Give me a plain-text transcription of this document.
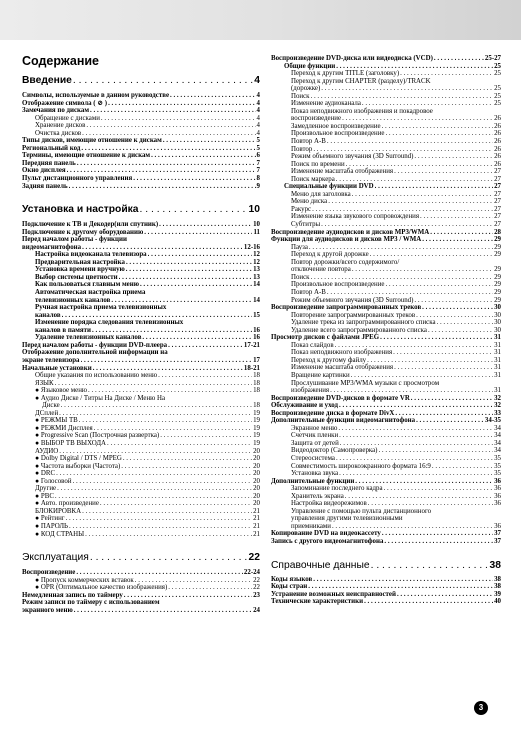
Содержание
Введение . .	4
Символы, используемые в данном руководстве . . .	4
Отображение символа ( ⊘ ) . . .	4
Замечания по дискам . . .	4
Обращение с дисками . . .	4
Хранение дисков . . .	4
Очистка дисков . . .	4
Типы дисков, имеющие отношение к дискам . . .	5
Региональный код . . .	5
Термины, имеющие отношение к дискам . . .	6
Передняя панель . . .	7
Окно дисплея . . .	7
Пульт дистанционного управления . . .	8
Задняя панель . . .	9
Установка и настройка . .	10
Подключение к ТВ и Декодер(или спутник) . . .	10
Подключение к другому оборудованию . . .	11
Перед началом работы - функции
видеомагнитофона . . .	12-16
Настройка видеоканала телевизора . . .	12
Предварительная настройка . . .	12
Установка времени вручную . . .	13
Выбор системы цветности . . .	13
Как пользоваться главным меню . . .	14
Автоматическая настройка приема
телевизионных каналов . . .	14
Ручная настройка приема телевизионных
каналов . . .	15
Изменение порядка следования телевизионных
каналов в памяти . . .	16
Удаление телевизионных каналов . . .	16
Перед началом работы - функции DVD-плеера . . .	17-21
Отображение дополнительной информации на
экране телевизора . . .	17
Начальные установки . . .	18-21
Общие указания по использованию меню . . .	18
ЯЗЫК . . .	18
● Языковое меню . . .	18
● Аудио Диске / Титры На Диске / Меню На
Диске . . .	18
ДСплей . . .	19
● РЕЖМЫ ТВ . . .	19
● РЕЖМИ Дисплея . . .	19
● Progressive Scan (Построчная развертка) . . .	19
● ВЫБОР ТВ ВЫХОДА . . .	19
АУДИО . . .	20
● Dolby Digital / DTS / MPEG . . .	20
● Частота выборки (Частота) . . .	20
● DRC . . .	20
● Голосовой . . .	20
Другие . . .	20
● PBC . . .	20
● Авто. произведение . . .	20
БЛОКИРОВКА . . .	21
● Рейтинг . . .	21
● ПАРОЛЬ . . .	21
● КОД СТРАНЫ . . .	21
Эксплуатация . .	22
Воспроизведение . . .	22-24
● Пропуск коммерческих вставок . . .	22
● OPR (Оптимальное качество изображения) . . .	22
Немедленная запись по таймеру . . .	23
Режим записи по таймеру с использованием
экранного меню . . .	24
Воспроизведение DVD-диска или видеодиска (VCD) . . .	25-27
Общие функции . . .	25
Переход к другим TITLE (заголовку) . . .	25
Переход к другим CHAPTER (разделу)/TRACK
(дорожке) . . .	25
Поиск . . .	25
Изменение аудиоканала . . .	25
Показ неподвижного изображения и покадровое
воспроизведение . . .	26
Замедленное воспроизведение . . .	26
Произвольное воспроизведение . . .	26
Повтор A-B . . .	26
Повтор . . .	26
Режим объемного звучания (3D Surround) . . .	26
Поиск по времени . . .	26
Изменение масштаба отображения . . .	27
Поиск маркера . . .	27
Специальные функции DVD . . .	27
Меню для заголовка . . .	27
Меню диска . . .	27
Ракурс . . .	27
Изменение языка звукового сопровождения . . .	27
Субтитры . . .	27
Воспроизведение аудиодисков и дисков MP3/WMA . . .	28
Функции для аудиодисков и дисков MP3 / WMA . . .	29
Пауза . . .	29
Переход к другой дорожке . . .	29
Повтор дорожки/всего содержимого/
отключение повтора . . .	29
Поиск . . .	29
Произвольное воспроизведение . . .	29
Повтор A-B . . .	29
Режим объемного звучания (3D Surround) . . .	29
Воспроизведение запрограммированных треков . . .	30
Повторение запрограммированных треков . . .	30
Удаление трека из запрограммированного списка . . .	30
Удаление всего запрограммированного списка . . .	30
Просмотр дисков с файлами JPEG . . .	31
Показ слайдов . . .	31
Показ неподвижного изображения . . .	31
Переход к другому файлу . . .	31
Изменение масштаба отображения . . .	31
Вращение картинки . . .	31
Прослушивание MP3/WMA музыки с просмотром
изображения . . .	31
Воспроизведение DVD-дисков в формате VR . . .	32
Обслуживание и уход . . .	32
Воспроизведение диска в формате DivX . . .	33
Дополнительные функции видеомагнитофона . . .	34-35
Экранное меню . . .	34
Счетчик пленки . . .	34
Защита от детей . . .	34
Видеодоктор (Самопроверка) . . .	34
Стереосистема . . .	35
Совместимость широкоэкранного формата 16:9 . . .	35
Установка звука . . .	35
Дополнительные функции . . .	36
Запоминание последнего кадра . . .	36
Хранитель экрана . . .	36
Настройка видеорежимов . . .	36
Управление с помощью пульта дистанционного
управления другими телевизионными
приемниками . . .	36
Копирование DVD на видеокассету . . .	37
Запись с другого видеомагнитофона . . .	37
Справочные данные . .	38
Коды языков . . .	38
Коды стран . . .	38
Устранение возможных неисправностей . . .	39
Технические характеристики . . .	40
3
